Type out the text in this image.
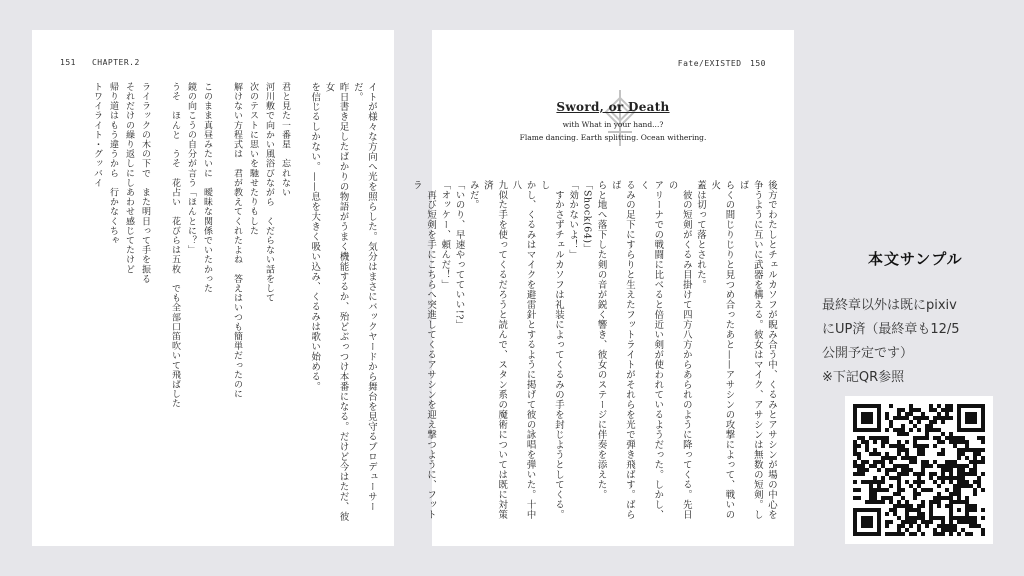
151   CHAPTER.2

イトが様々な方向へ光を照らした。気分はまさにバックヤードから舞台を見守るプロデューサーだ。

昨日書き足したばかりの物語がうまく機能するか、殆どぶっつけ本番になる。だけど今はただ、彼女

を信じるしかない。——息を大きく吸い込み、くるみは歌い始める。

君と見た一番星　忘れない

河川敷で向かい風浴びながら　くだらない話をして

次のテストに思いを馳せたりもした

解けない方程式は　君が教えてくれたよね　答えはいつも簡単だったのに

このまま真昼みたいに　曖昧な関係でいたかった

鏡の向こうの自分が言う「ほんとに？」

うそ　ほんと　うそ　花占い　花びらは五枚　でも全部口笛吹いて飛ばした

ライラックの木の下で　また明日って手を振る

それだけの繰り返しにしあわせ感じてたけど

帰り道はもう違うから　行かなくちゃ

トワイライト・グッバイ

Fate/EXISTED　150
Sword, or Death
with What in your hand...?
Flame dancing. Earth splitting. Ocean withering.

後方でわたしとチェルカソフが睨み合う中、くるみとアサシンが場の中心を

争うように互いに武器を構える。彼女はマイク、アサシンは無数の短剣。しば

らくの間じりじりと見つめ合ったあと——アサシンの攻撃によって、戦いの火

蓋は切って落とされた。

　彼の短剣がくるみ目掛けて四方八方からあられのように降ってくる。先日の

アリーナでの戦闘に比べると倍近い剣が使われているようだった。しかし、く

るみの足下にすらりと生えたフットライトがそれらを光で弾き飛ばす。ばらば

らと地へ落下した剣の音が鋭く響き、彼女のステージに伴奏を添えた。

「Shock(64)」

「効かないよ！」

　すかさずチェルカソフは礼装によってくるみの手を封じようとしてくる。し

かし、くるみはマイクを避雷針とするように掲げて彼の詠唱を弾いた。十中八

九似た手を使ってくるだろうと読んで、スタン系の魔術については既に対策済

みだ。

「いのり、早速やってていい!?」

「オッケー、頼んだ！」

　再び短剣を手にこちらへ突進してくるアサシンを迎え撃つように、フットラ

本文サンプル
最終章以外は既にpixiv
にUP済（最終章も12/5
公開予定です）
※下記QR参照
